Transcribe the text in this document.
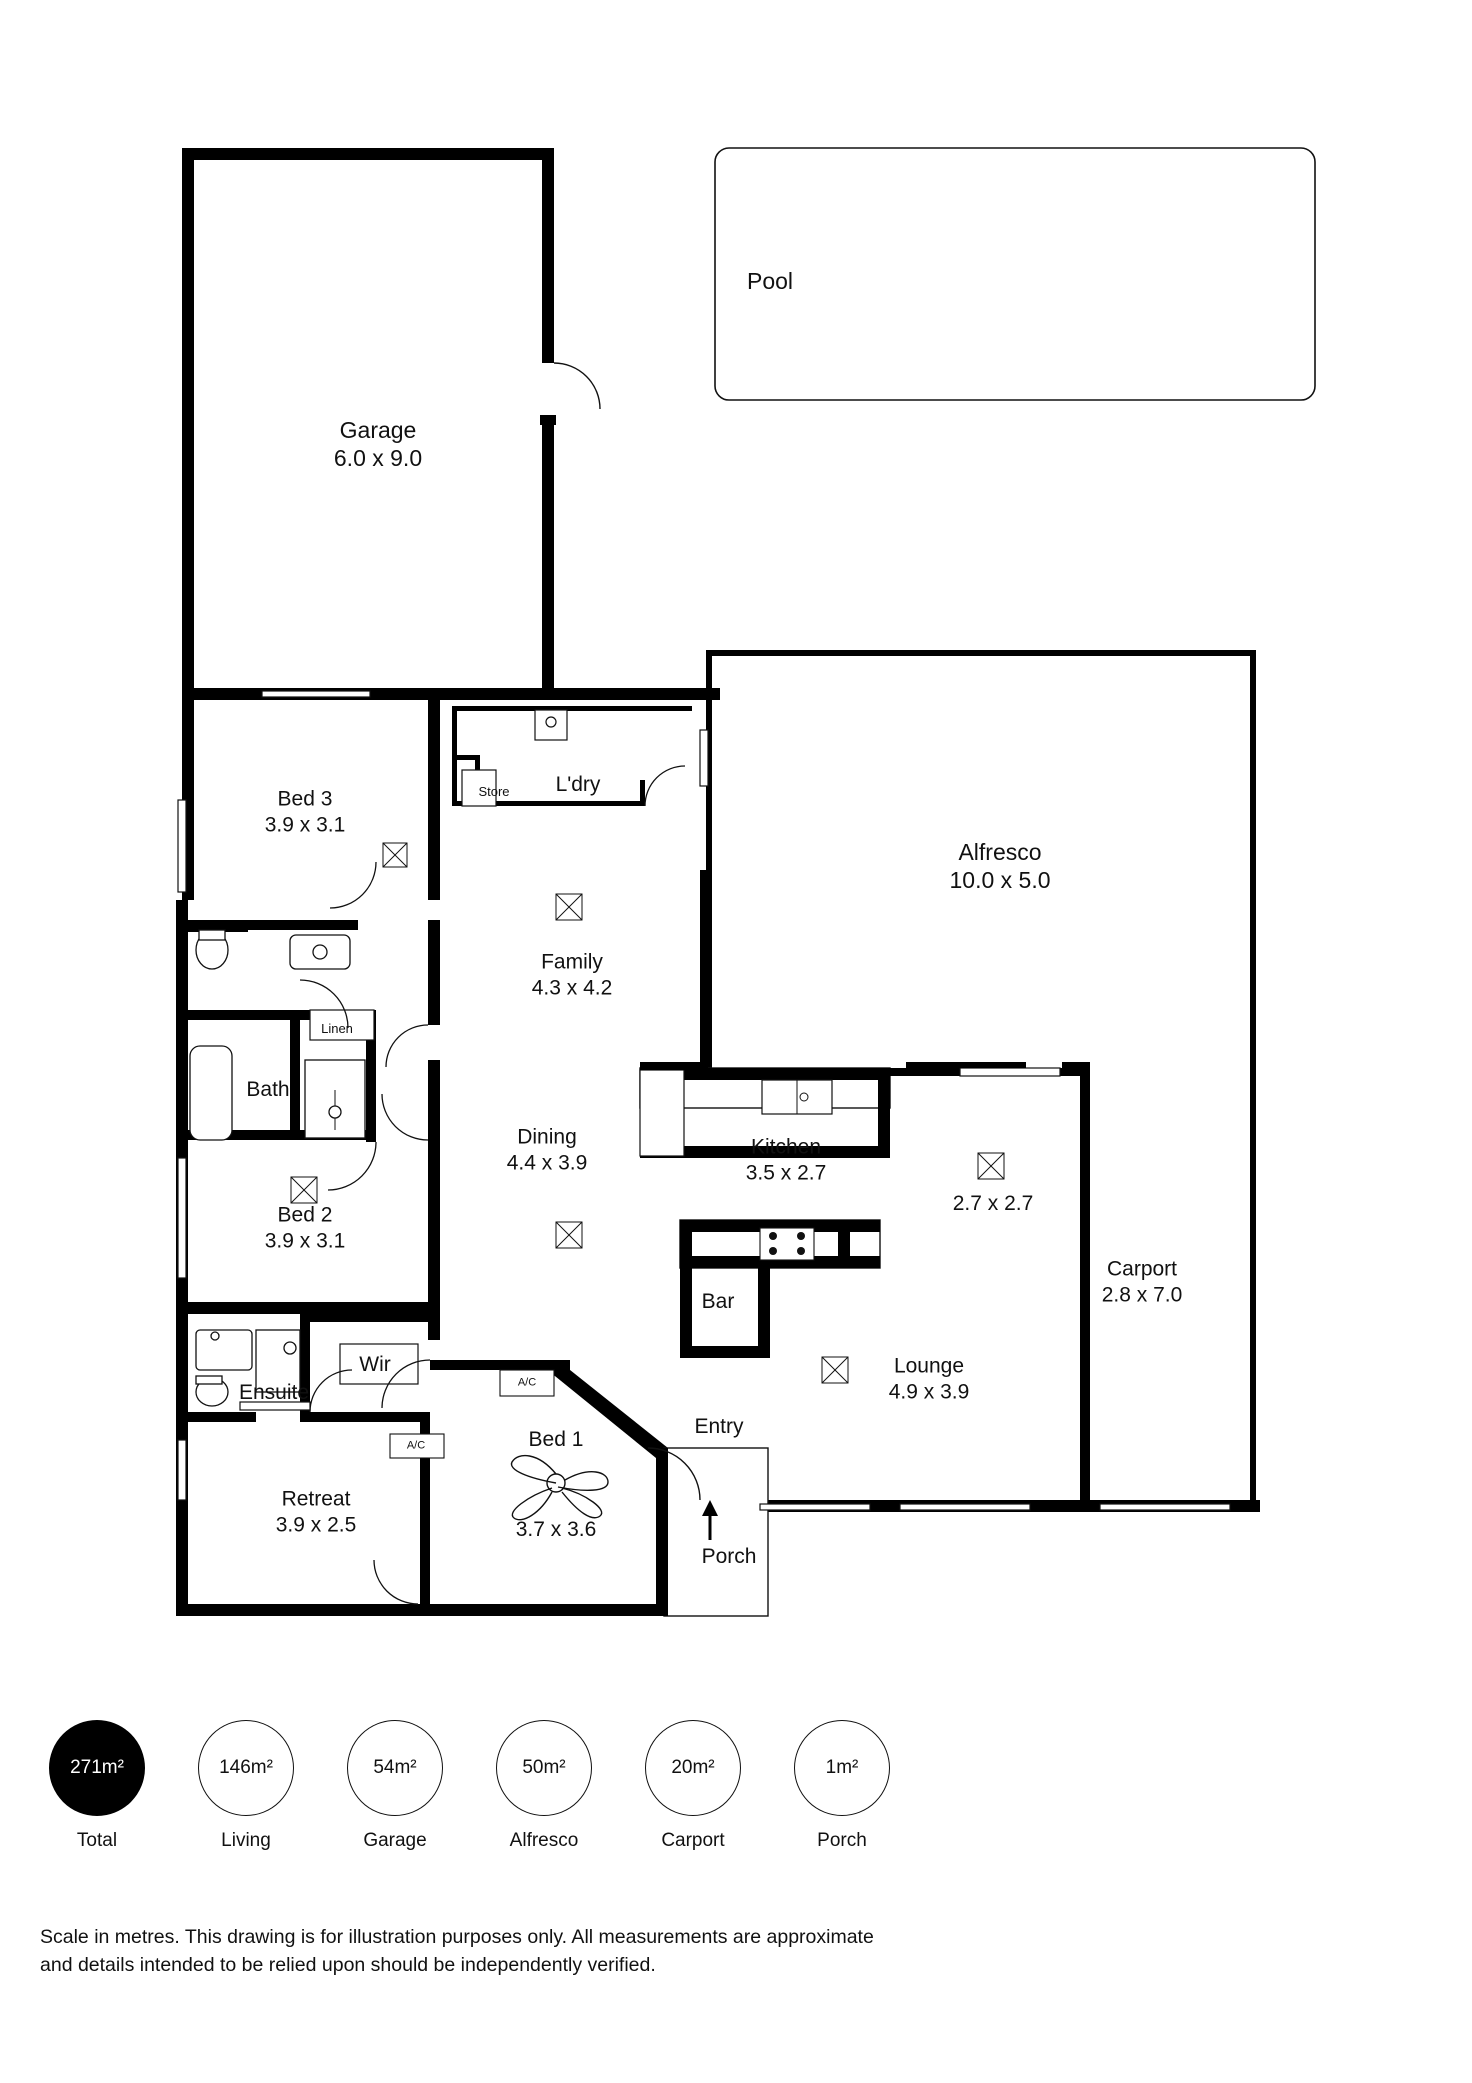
Pool
Garage
6.0 x 9.0
Bed 3
3.9 x 3.1
L'dry
Store
Alfresco
10.0 x 5.0
Family
4.3 x 4.2
Linen
Bath
Dining
4.4 x 3.9
Kitchen
3.5 x 2.7
2.7 x 2.7
Bed 2
3.9 x 3.1
Carport
2.8 x 7.0
Bar
Wir
A/C
Lounge
4.9 x 3.9
Ensuite
Entry
A/C	Bed 1
3.7 x 3.6
Retreat
3.9 x 2.5
Porch
271m²
Total
146m²
Living
54m²
Garage
50m²
Alfresco
20m²
Carport
1m²
Porch
Scale in metres. This drawing is for illustration purposes only. All measurements are approximate and details intended to be relied upon should be independently verified.
